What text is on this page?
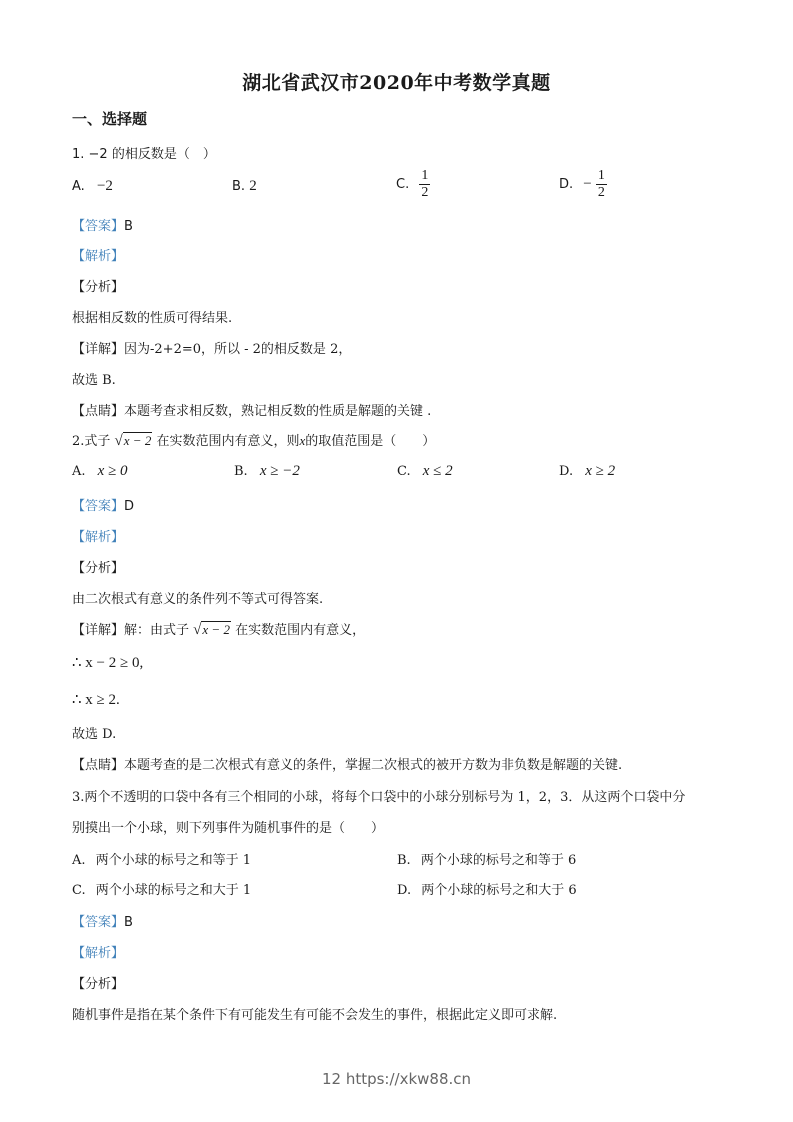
湖北省武汉市2020年中考数学真题
一、选择题
1. −2 的相反数是（　）
A. −2	B. 2	C. $\frac{1}{2}$	D. − $\frac{1}{2}$
【答案】B
【解析】
【分析】
根据相反数的性质可得结果.
【详解】因为-2+2=0，所以 - 2的相反数是 2，
故选 B.
【点睛】本题考查求相反数，熟记相反数的性质是解题的关键 .
2.式子 √x − 2 在实数范围内有意义，则x的取值范围是（　　）
A. x ≥ 0	B. x ≥ −2	C. x ≤ 2	D. x ≥ 2
【答案】D
【解析】
【分析】
由二次根式有意义的条件列不等式可得答案.
【详解】解：由式子 √x − 2 在实数范围内有意义，
∴ x − 2 ≥ 0,
∴ x ≥ 2.
故选 D.
【点睛】本题考查的是二次根式有意义的条件，掌握二次根式的被开方数为非负数是解题的关键.
3.两个不透明的口袋中各有三个相同的小球，将每个口袋中的小球分别标号为 1，2，3．从这两个口袋中分
别摸出一个小球，则下列事件为随机事件的是（　　）
A. 两个小球的标号之和等于 1	B. 两个小球的标号之和等于 6
C. 两个小球的标号之和大于 1	D. 两个小球的标号之和大于 6
【答案】B
【解析】
【分析】
随机事件是指在某个条件下有可能发生有可能不会发生的事件，根据此定义即可求解.
12 https://xkw88.cn
